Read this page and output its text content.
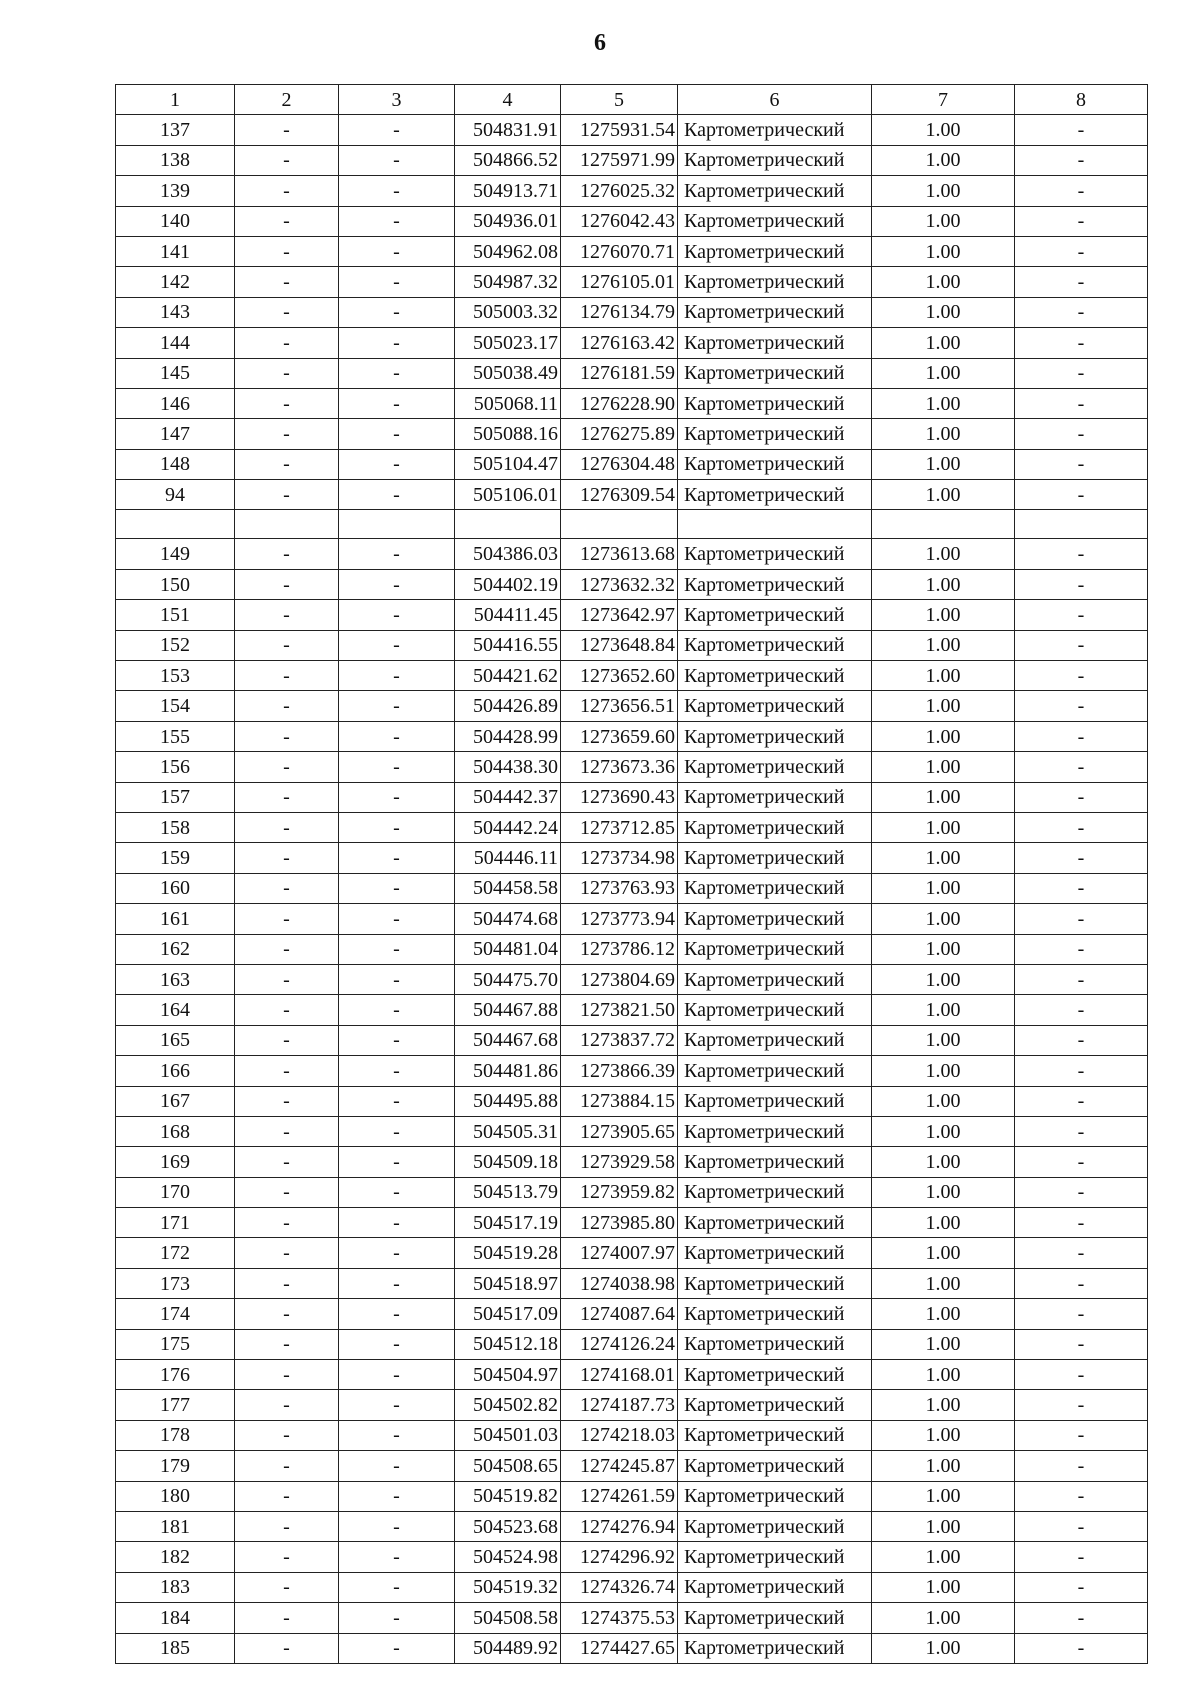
6
1	2	3	4	5	6	7	8
137	-	-	504831.91	1275931.54	Картометрический	1.00	-
138	-	-	504866.52	1275971.99	Картометрический	1.00	-
139	-	-	504913.71	1276025.32	Картометрический	1.00	-
140	-	-	504936.01	1276042.43	Картометрический	1.00	-
141	-	-	504962.08	1276070.71	Картометрический	1.00	-
142	-	-	504987.32	1276105.01	Картометрический	1.00	-
143	-	-	505003.32	1276134.79	Картометрический	1.00	-
144	-	-	505023.17	1276163.42	Картометрический	1.00	-
145	-	-	505038.49	1276181.59	Картометрический	1.00	-
146	-	-	505068.11	1276228.90	Картометрический	1.00	-
147	-	-	505088.16	1276275.89	Картометрический	1.00	-
148	-	-	505104.47	1276304.48	Картометрический	1.00	-
94	-	-	505106.01	1276309.54	Картометрический	1.00	-

149	-	-	504386.03	1273613.68	Картометрический	1.00	-
150	-	-	504402.19	1273632.32	Картометрический	1.00	-
151	-	-	504411.45	1273642.97	Картометрический	1.00	-
152	-	-	504416.55	1273648.84	Картометрический	1.00	-
153	-	-	504421.62	1273652.60	Картометрический	1.00	-
154	-	-	504426.89	1273656.51	Картометрический	1.00	-
155	-	-	504428.99	1273659.60	Картометрический	1.00	-
156	-	-	504438.30	1273673.36	Картометрический	1.00	-
157	-	-	504442.37	1273690.43	Картометрический	1.00	-
158	-	-	504442.24	1273712.85	Картометрический	1.00	-
159	-	-	504446.11	1273734.98	Картометрический	1.00	-
160	-	-	504458.58	1273763.93	Картометрический	1.00	-
161	-	-	504474.68	1273773.94	Картометрический	1.00	-
162	-	-	504481.04	1273786.12	Картометрический	1.00	-
163	-	-	504475.70	1273804.69	Картометрический	1.00	-
164	-	-	504467.88	1273821.50	Картометрический	1.00	-
165	-	-	504467.68	1273837.72	Картометрический	1.00	-
166	-	-	504481.86	1273866.39	Картометрический	1.00	-
167	-	-	504495.88	1273884.15	Картометрический	1.00	-
168	-	-	504505.31	1273905.65	Картометрический	1.00	-
169	-	-	504509.18	1273929.58	Картометрический	1.00	-
170	-	-	504513.79	1273959.82	Картометрический	1.00	-
171	-	-	504517.19	1273985.80	Картометрический	1.00	-
172	-	-	504519.28	1274007.97	Картометрический	1.00	-
173	-	-	504518.97	1274038.98	Картометрический	1.00	-
174	-	-	504517.09	1274087.64	Картометрический	1.00	-
175	-	-	504512.18	1274126.24	Картометрический	1.00	-
176	-	-	504504.97	1274168.01	Картометрический	1.00	-
177	-	-	504502.82	1274187.73	Картометрический	1.00	-
178	-	-	504501.03	1274218.03	Картометрический	1.00	-
179	-	-	504508.65	1274245.87	Картометрический	1.00	-
180	-	-	504519.82	1274261.59	Картометрический	1.00	-
181	-	-	504523.68	1274276.94	Картометрический	1.00	-
182	-	-	504524.98	1274296.92	Картометрический	1.00	-
183	-	-	504519.32	1274326.74	Картометрический	1.00	-
184	-	-	504508.58	1274375.53	Картометрический	1.00	-
185	-	-	504489.92	1274427.65	Картометрический	1.00	-
